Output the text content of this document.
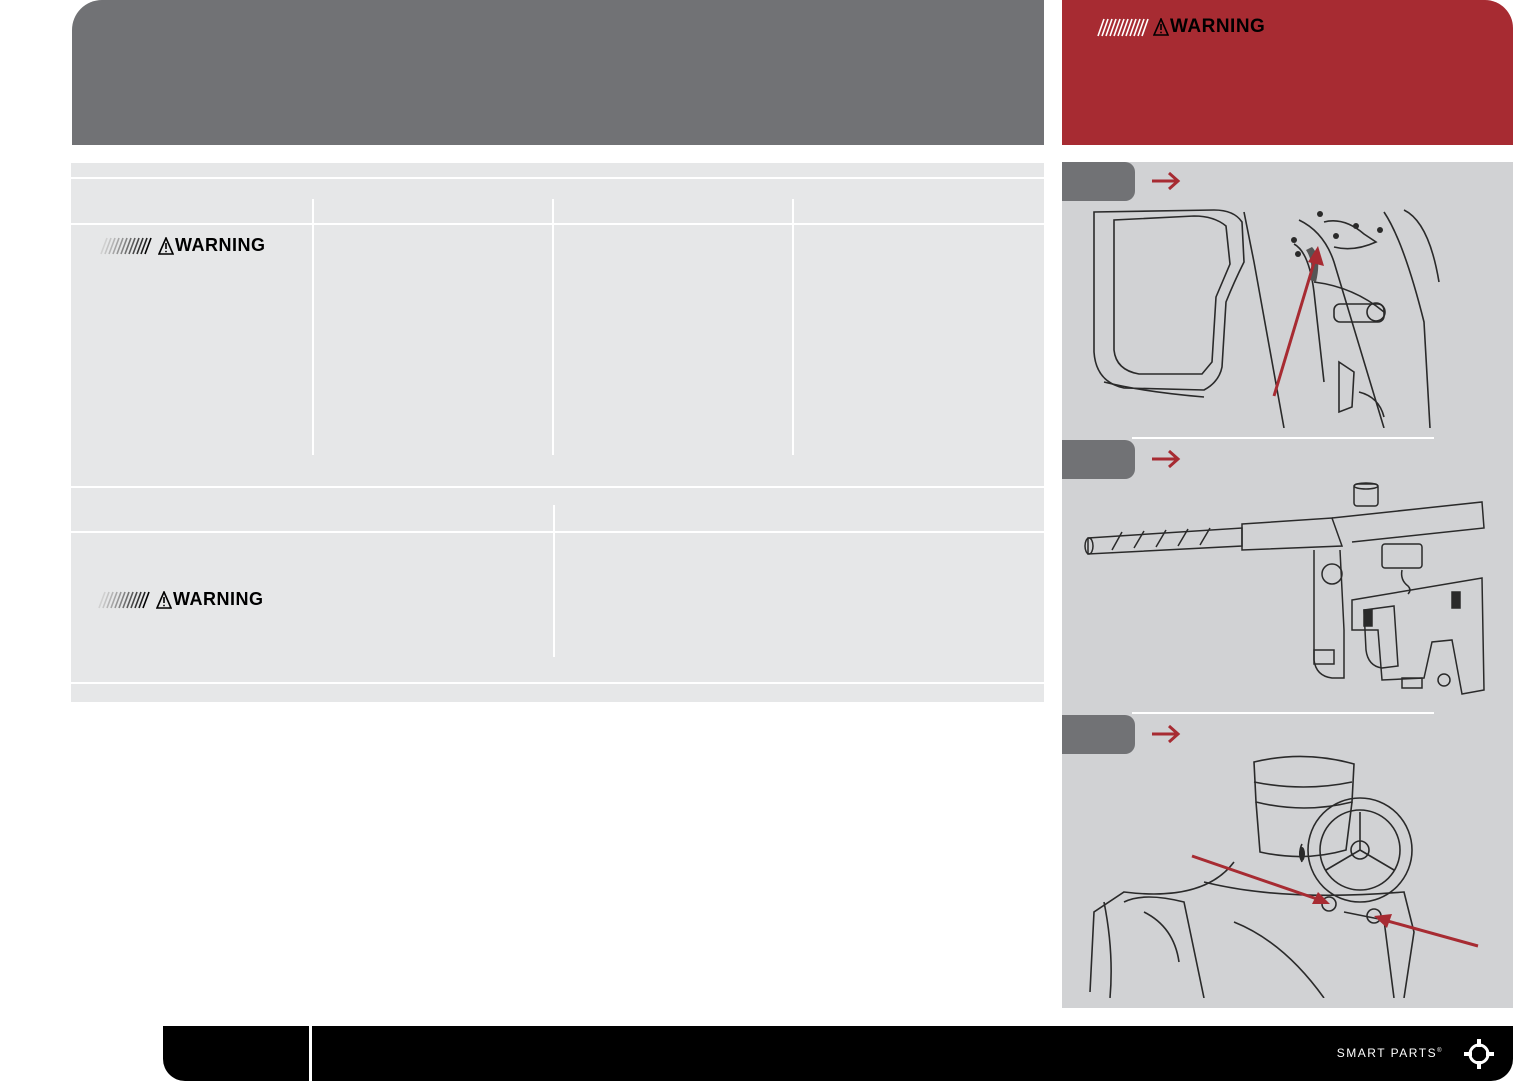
WARNING
WARNING
WARNING
SMART PARTS®
